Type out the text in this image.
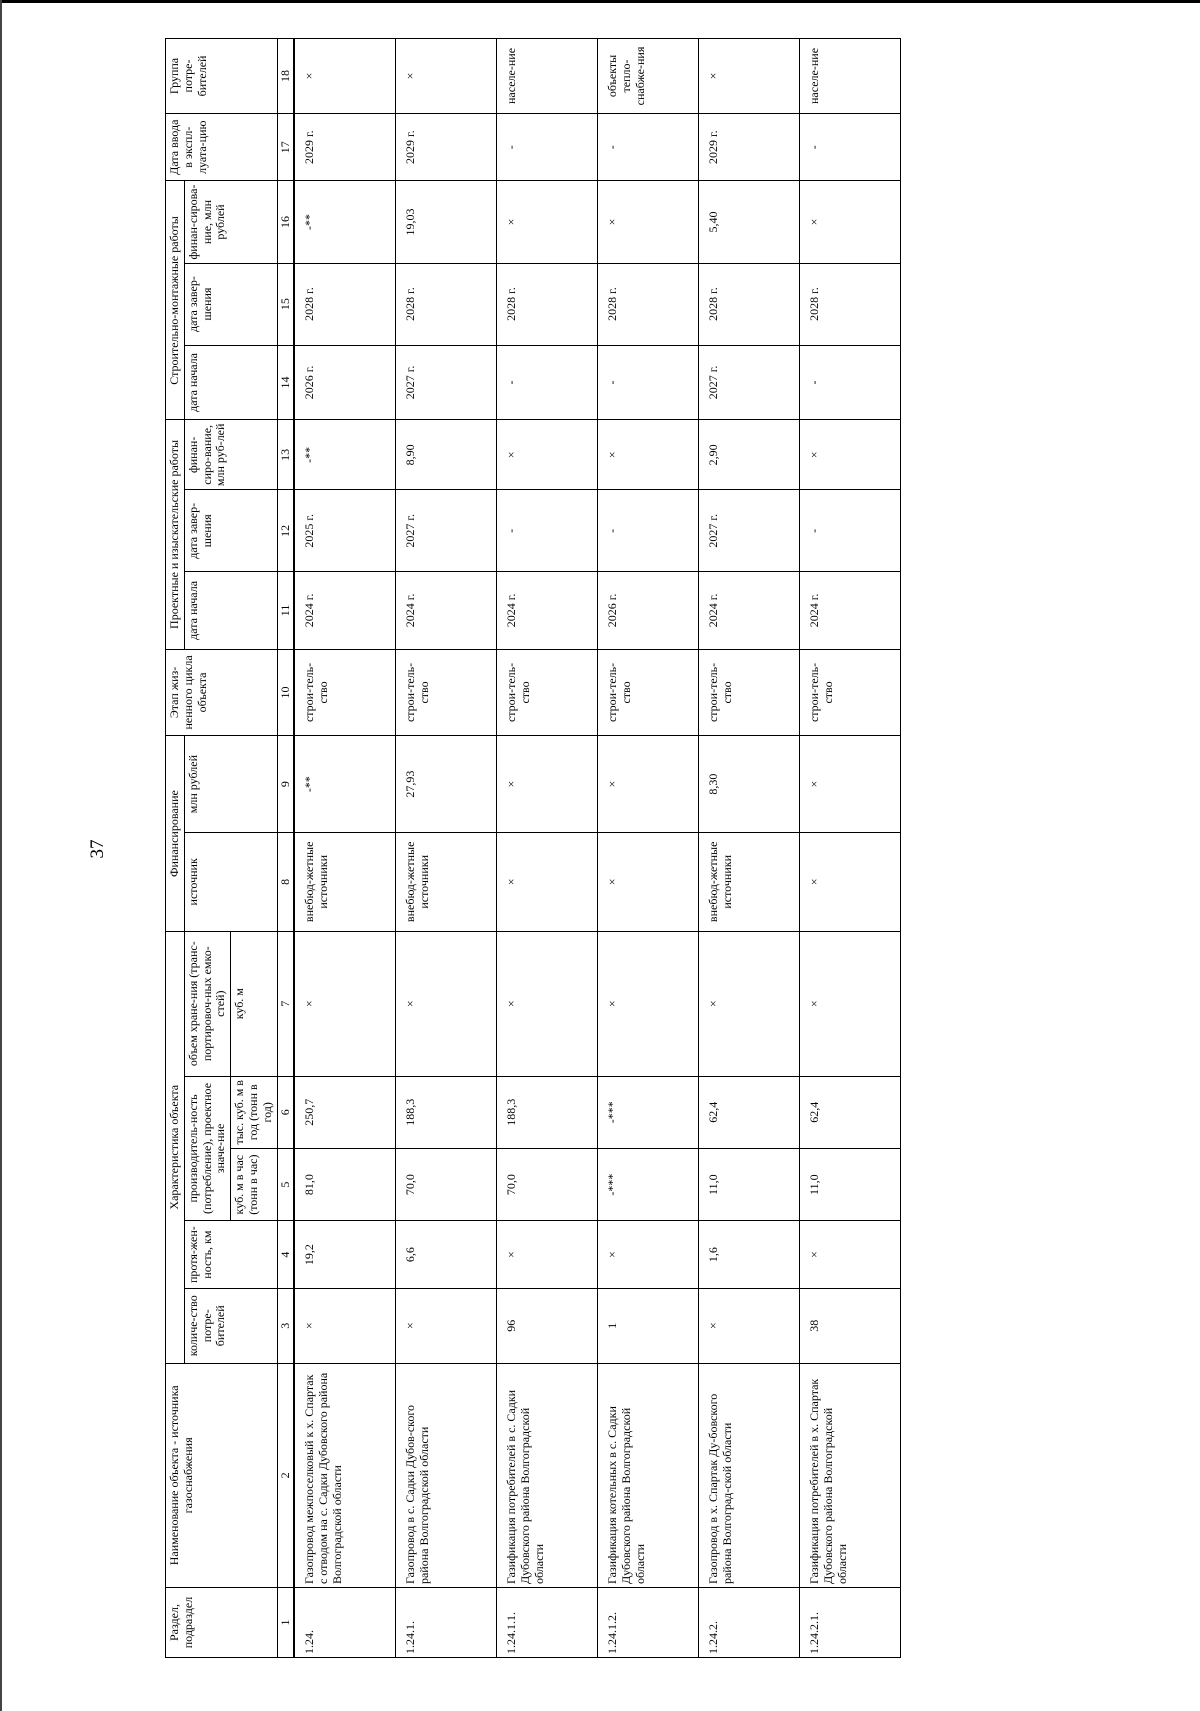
37
Раздел, подраздел	Наименование объекта - источника газоснабжения	Характеристика объекта					Финансирование		Этап жиз-ненного цикла объекта	Проектные и изыскательские работы			Строительно-монтажные работы			Дата ввода в экспл-луата-цию	Группа потре-бителей
		количе-ство потре-бителей	протя-жен-ность, км	производитель-ность (потребление), проектное значе-ние		объем хране-ния (транс-портировоч-ных емко-стей)	источник	млн рублей		дата начала	дата завер-шения	финан-сиро-вание, млн руб-лей	дата начала	дата завер-шения	финан-сирова-ние, млн рублей		
				куб. м в час (тонн в час)	тыс. куб. м в год (тонн в год)	куб. м											
1	2	3	4	5	6	7	8	9	10	11	12	13	14	15	16	17	18
1.24.	Газопровод межпоселковый к х. Спартак с отводом на с. Садки Дубовского района Волгоградской области	×	19,2	81,0	250,7	×	внебюд-жетные источники	-**	строи-тель-ство	2024 г.	2025 г.	-**	2026 г.	2028 г.	-**	2029 г.	×
1.24.1.	Газопровод в с. Садки Дубов-ского района Волгоградской области	×	6,6	70,0	188,3	×	внебюд-жетные источники	27,93	строи-тель-ство	2024 г.	2027 г.	8,90	2027 г.	2028 г.	19,03	2029 г.	×
1.24.1.1.	Газификация потребителей в с. Садки Дубовского района Волгоградской области	96	×	70,0	188,3	×	×	×	строи-тель-ство	2024 г.	-	×	-	2028 г.	×	-	населе-ние
1.24.1.2.	Газификация котельных в с. Садки Дубовского района Волгоградской области	1	×	-***	-***	×	×	×	строи-тель-ство	2026 г.	-	×	-	2028 г.	×	-	объекты тепло-снабже-ния
1.24.2.	Газопровод в х. Спартак Ду-бовского района Волгоград-ской области	×	1,6	11,0	62,4	×	внебюд-жетные источники	8,30	строи-тель-ство	2024 г.	2027 г.	2,90	2027 г.	2028 г.	5,40	2029 г.	×
1.24.2.1.	Газификация потребителей в х. Спартак Дубовского района Волгоградской области	38	×	11,0	62,4	×	×	×	строи-тель-ство	2024 г.	-	×	-	2028 г.	×	-	населе-ние
